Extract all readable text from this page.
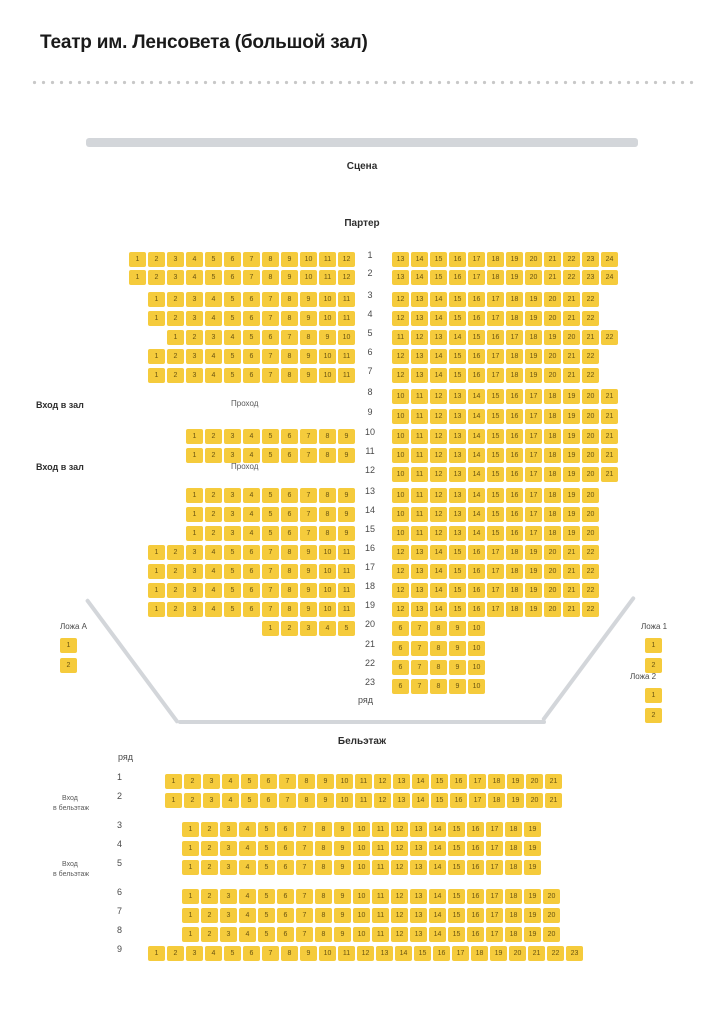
Театр им. Ленсовета (большой зал)
Сцена
Партер
Бельэтаж
1 2 3 4 5 6 7 8 9 10 11 12	1	13 14 15 16 17 18 19 20 21 22 23 24
1 2 3 4 5 6 7 8 9 10 11 12	2	13 14 15 16 17 18 19 20 21 22 23 24
1 2 3 4 5 6 7 8 9 10 11	3	12 13 14 15 16 17 18 19 20 21 22
1 2 3 4 5 6 7 8 9 10 11	4	12 13 14 15 16 17 18 19 20 21 22
1 2 3 4 5 6 7 8 9 10	5	11 12 13 14 15 16 17 18 19 20 21 22
1 2 3 4 5 6 7 8 9 10 11	6	12 13 14 15 16 17 18 19 20 21 22
1 2 3 4 5 6 7 8 9 10 11	7	12 13 14 15 16 17 18 19 20 21 22
8	10 11 12 13 14 15 16 17 18 19 20 21
9	10 11 12 13 14 15 16 17 18 19 20 21
1 2 3 4 5 6 7 8 9	10	10 11 12 13 14 15 16 17 18 19 20 21
1 2 3 4 5 6 7 8 9	11	10 11 12 13 14 15 16 17 18 19 20 21
12	10 11 12 13 14 15 16 17 18 19 20 21
1 2 3 4 5 6 7 8 9	13	10 11 12 13 14 15 16 17 18 19 20
1 2 3 4 5 6 7 8 9	14	10 11 12 13 14 15 16 17 18 19 20
1 2 3 4 5 6 7 8 9	15	10 11 12 13 14 15 16 17 18 19 20
1 2 3 4 5 6 7 8 9 10 11	16	12 13 14 15 16 17 18 19 20 21 22
1 2 3 4 5 6 7 8 9 10 11	17	12 13 14 15 16 17 18 19 20 21 22
1 2 3 4 5 6 7 8 9 10 11	18	12 13 14 15 16 17 18 19 20 21 22
1 2 3 4 5 6 7 8 9 10 11	19	12 13 14 15 16 17 18 19 20 21 22
1 2 3 4 5	20	6 7 8 9 10
21	6 7 8 9 10
22	6 7 8 9 10
23	6 7 8 9 10
Вход в зал
Вход в зал
Проход
Проход
ряд
Ложа А
1
2
Ложа 1
1
2
Ложа 2
1
2
ряд
1	1 2 3 4 5 6 7 8 9 10 11 12 13 14 15 16 17 18 19 20 21
2	1 2 3 4 5 6 7 8 9 10 11 12 13 14 15 16 17 18 19 20 21
3	1 2 3 4 5 6 7 8 9 10 11 12 13 14 15 16 17 18 19
4	1 2 3 4 5 6 7 8 9 10 11 12 13 14 15 16 17 18 19
5	1 2 3 4 5 6 7 8 9 10 11 12 13 14 15 16 17 18 19
6	1 2 3 4 5 6 7 8 9 10 11 12 13 14 15 16 17 18 19 20
7	1 2 3 4 5 6 7 8 9 10 11 12 13 14 15 16 17 18 19 20
8	1 2 3 4 5 6 7 8 9 10 11 12 13 14 15 16 17 18 19 20
9	1 2 3 4 5 6 7 8 9 10 11 12 13 14 15 16 17 18 19 20 21 22 23
Вход
в бельэтаж
Вход
в бельэтаж
